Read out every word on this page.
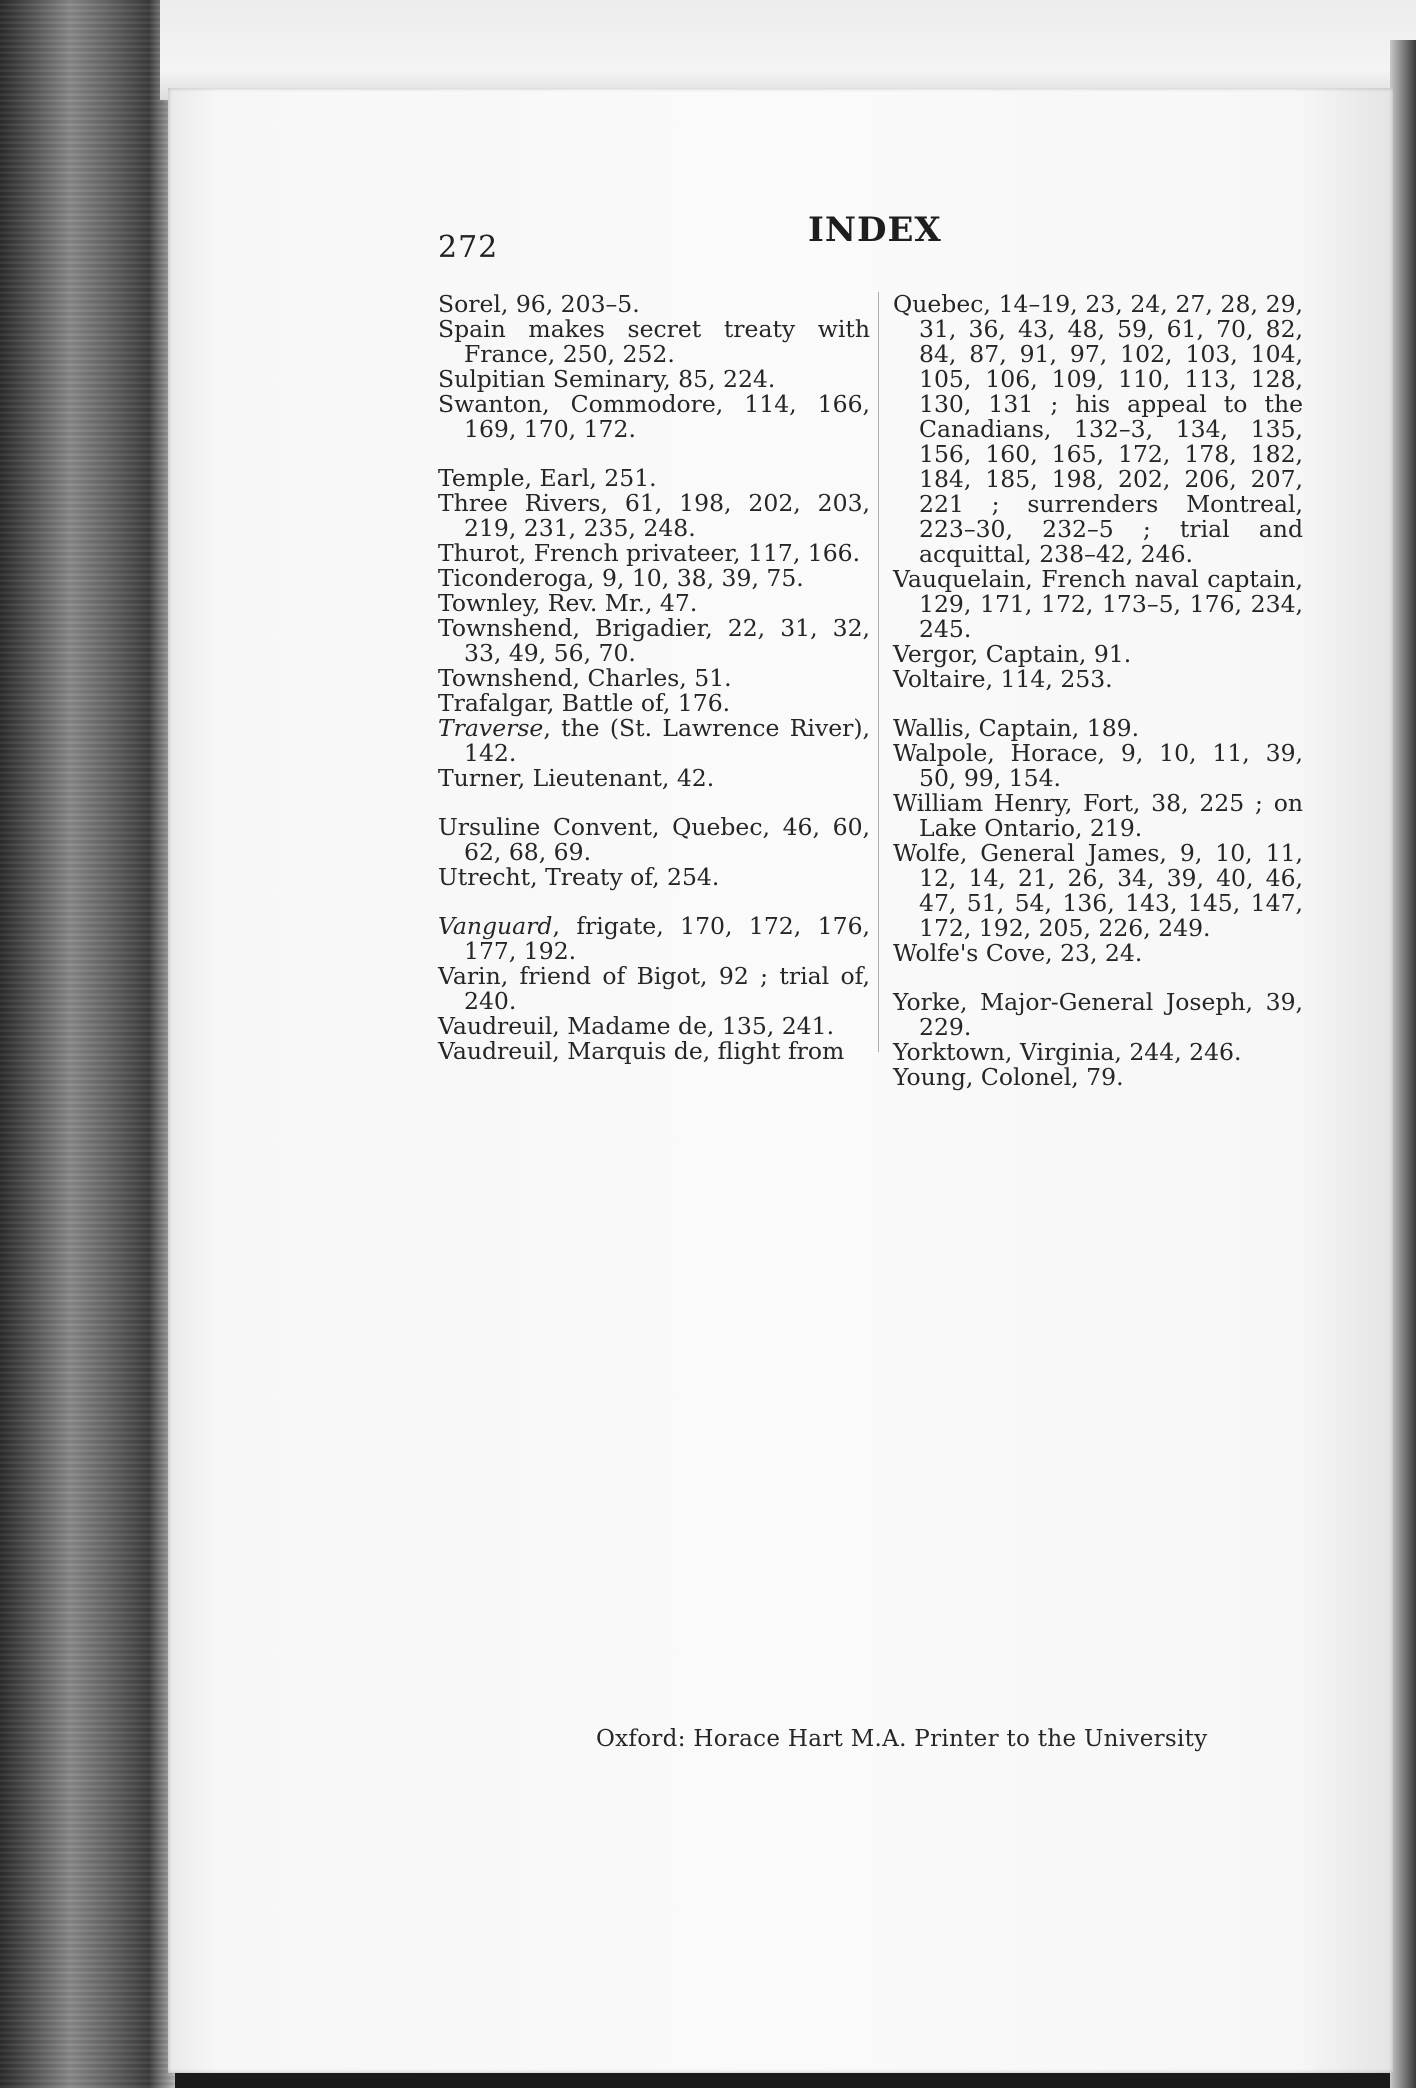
272	INDEX

Sorel, 96, 203–5.

Spain makes secret treaty with France, 250, 252.

Sulpitian Seminary, 85, 224.

Swanton, Commodore, 114, 166, 169, 170, 172.

Temple, Earl, 251.

Three Rivers, 61, 198, 202, 203, 219, 231, 235, 248.

Thurot, French privateer, 117, 166.

Ticonderoga, 9, 10, 38, 39, 75.

Townley, Rev. Mr., 47.

Townshend, Brigadier, 22, 31, 32, 33, 49, 56, 70.

Townshend, Charles, 51.

Trafalgar, Battle of, 176.

Traverse, the (St. Lawrence River), 142.

Turner, Lieutenant, 42.

Ursuline Convent, Quebec, 46, 60, 62, 68, 69.

Utrecht, Treaty of, 254.

Vanguard, frigate, 170, 172, 176, 177, 192.

Varin, friend of Bigot, 92 ; trial of, 240.

Vaudreuil, Madame de, 135, 241.

Vaudreuil, Marquis de, flight from

Quebec, 14–19, 23, 24, 27, 28, 29, 31, 36, 43, 48, 59, 61, 70, 82, 84, 87, 91, 97, 102, 103, 104, 105, 106, 109, 110, 113, 128, 130, 131 ; his appeal to the Canadians, 132–3, 134, 135, 156, 160, 165, 172, 178, 182, 184, 185, 198, 202, 206, 207, 221 ; surrenders Montreal, 223–30, 232–5 ; trial and acquittal, 238–42, 246.

Vauquelain, French naval captain, 129, 171, 172, 173–5, 176, 234, 245.

Vergor, Captain, 91.

Voltaire, 114, 253.

Wallis, Captain, 189.

Walpole, Horace, 9, 10, 11, 39, 50, 99, 154.

William Henry, Fort, 38, 225 ; on Lake Ontario, 219.

Wolfe, General James, 9, 10, 11, 12, 14, 21, 26, 34, 39, 40, 46, 47, 51, 54, 136, 143, 145, 147, 172, 192, 205, 226, 249.

Wolfe's Cove, 23, 24.

Yorke, Major-General Joseph, 39, 229.

Yorktown, Virginia, 244, 246.

Young, Colonel, 79.

Oxford: Horace Hart M.A. Printer to the University
